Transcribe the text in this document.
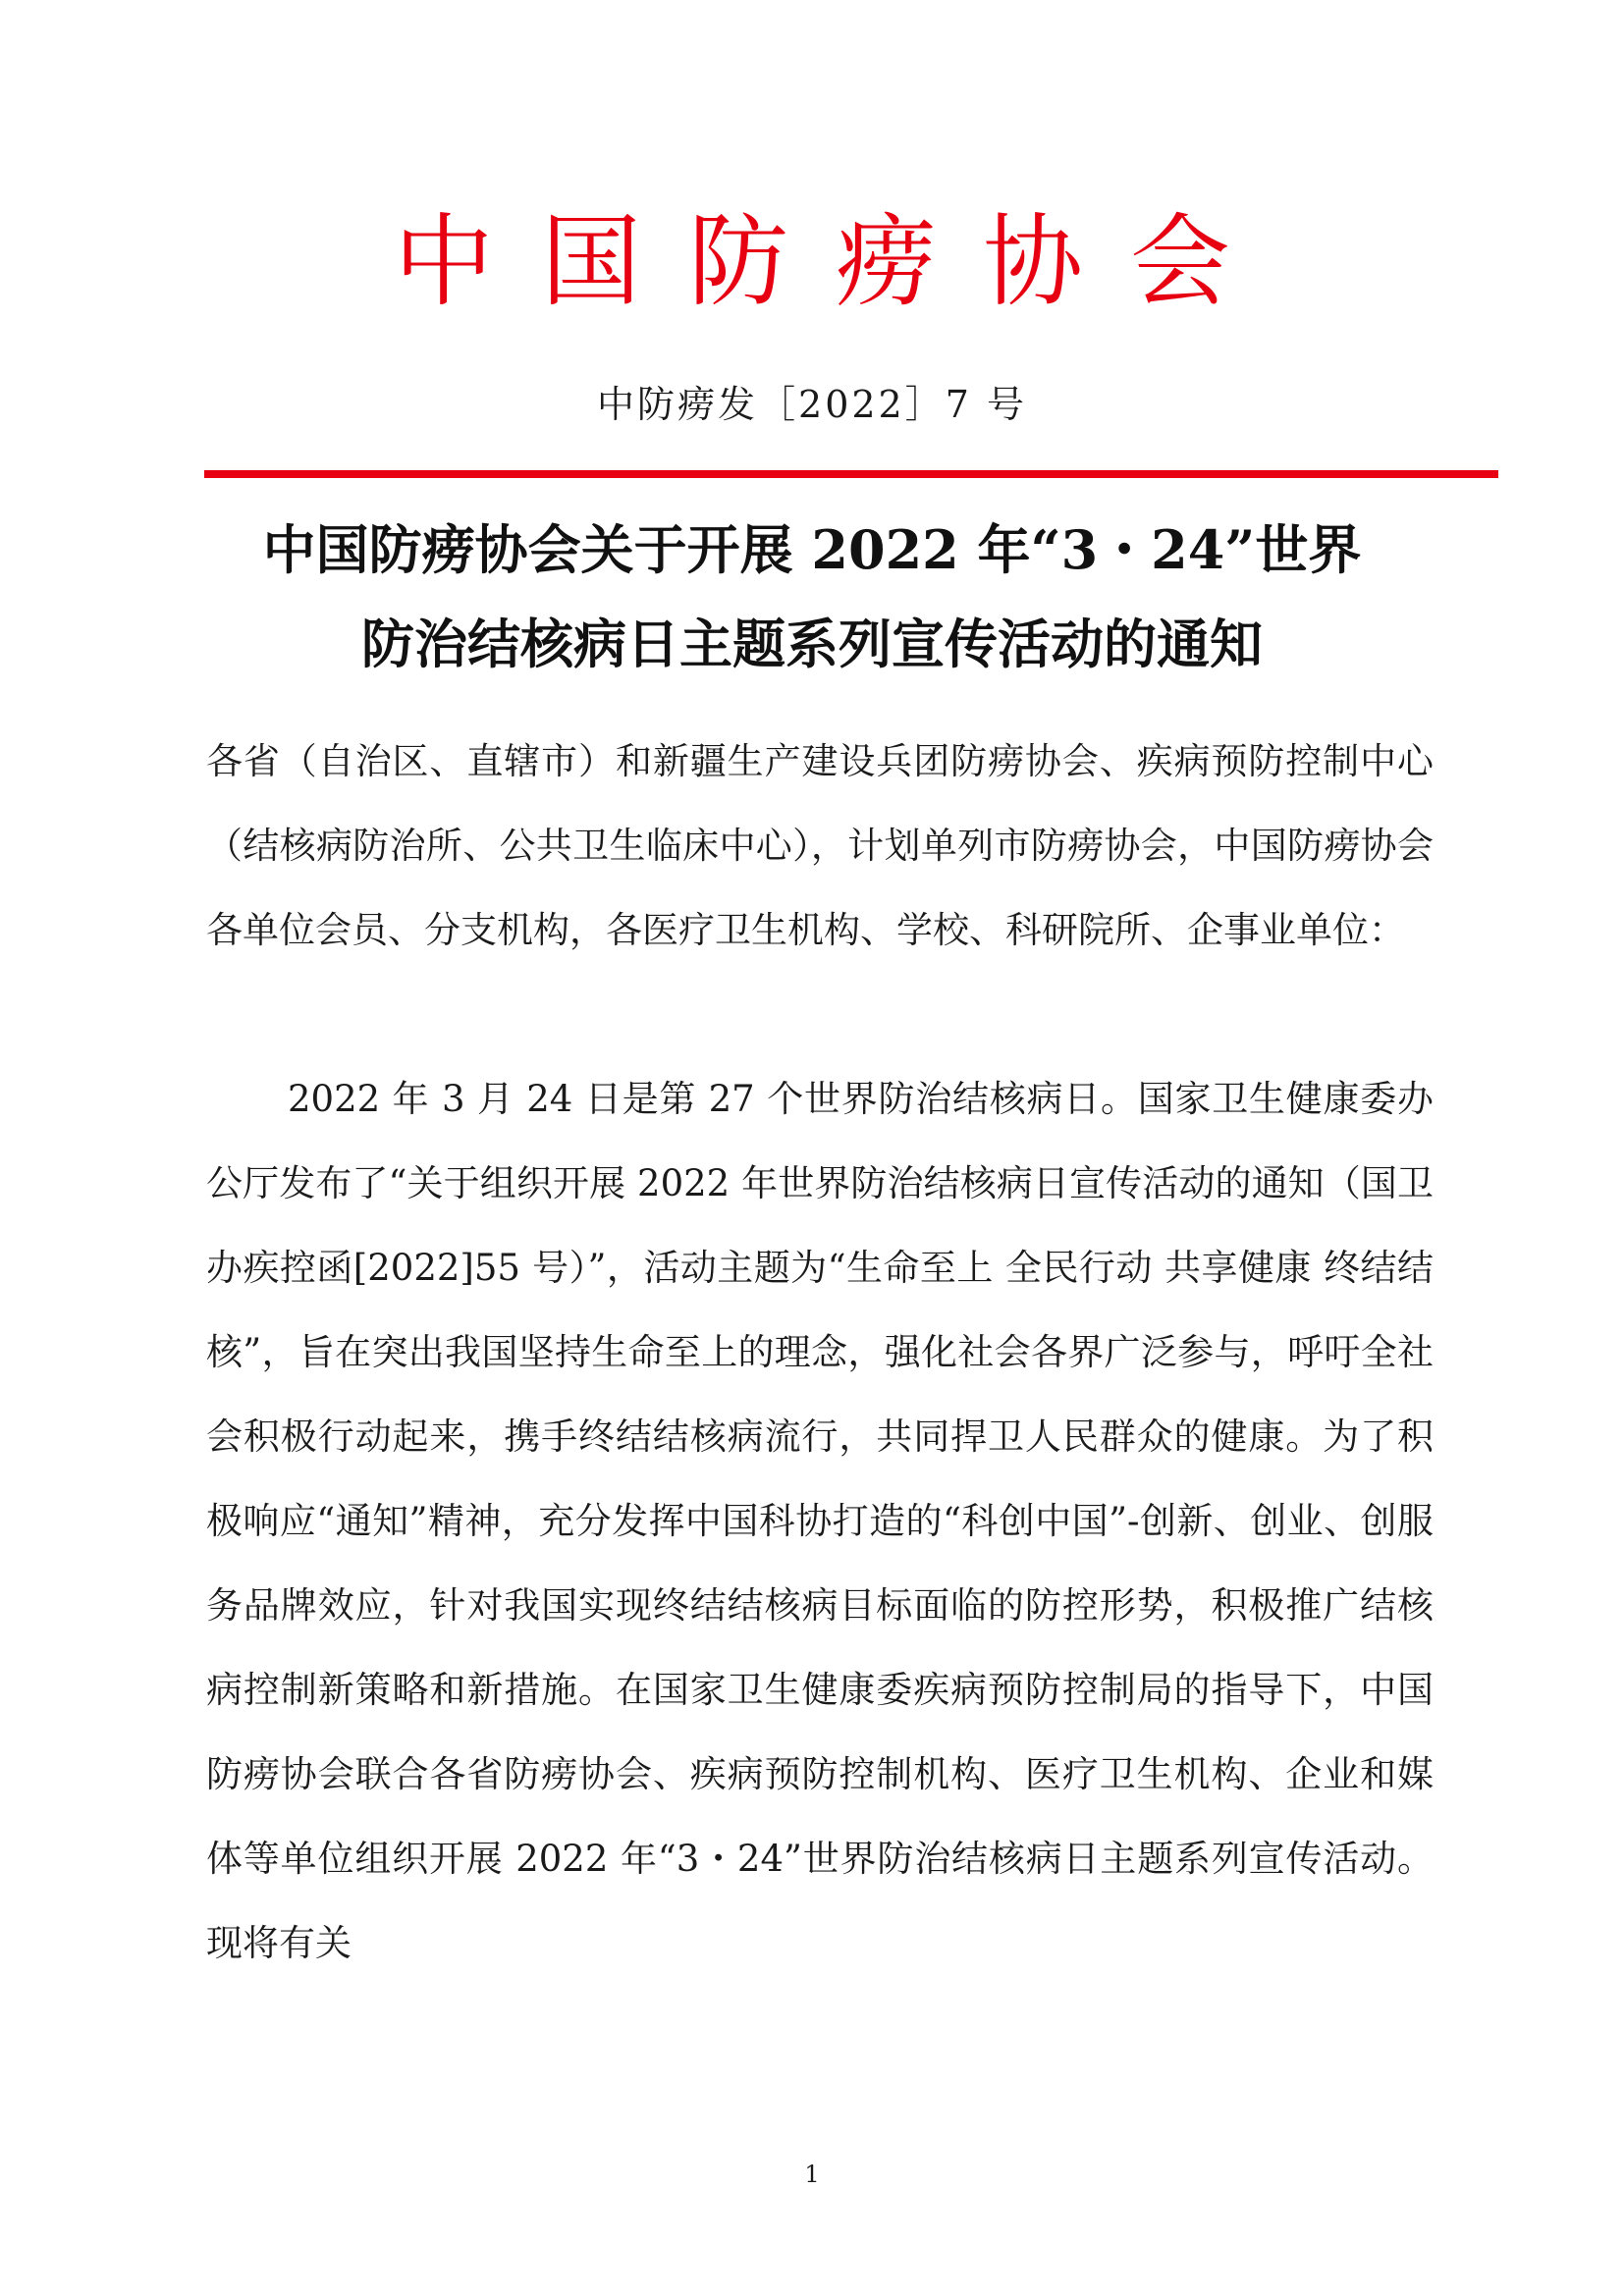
中国防痨协会
中防痨发［2022］7 号
中国防痨协会关于开展 2022 年“3・24”世界
防治结核病日主题系列宣传活动的通知

各省（自治区、直辖市）和新疆生产建设兵团防痨协会、疾病预防控制中心（结核病防治所、公共卫生临床中心），计划单列市防痨协会，中国防痨协会各单位会员、分支机构，各医疗卫生机构、学校、科研院所、企事业单位：

2022 年 3 月 24 日是第 27 个世界防治结核病日。国家卫生健康委办公厅发布了“关于组织开展 2022 年世界防治结核病日宣传活动的通知（国卫办疾控函[2022]55 号）”，活动主题为“生命至上 全民行动 共享健康 终结结核”，旨在突出我国坚持生命至上的理念，强化社会各界广泛参与，呼吁全社会积极行动起来，携手终结结核病流行，共同捍卫人民群众的健康。为了积极响应“通知”精神，充分发挥中国科协打造的“科创中国”-创新、创业、创服务品牌效应，针对我国实现终结结核病目标面临的防控形势，积极推广结核病控制新策略和新措施。在国家卫生健康委疾病预防控制局的指导下，中国防痨协会联合各省防痨协会、疾病预防控制机构、医疗卫生机构、企业和媒体等单位组织开展 2022 年“3・24”世界防治结核病日主题系列宣传活动。现将有关

1
